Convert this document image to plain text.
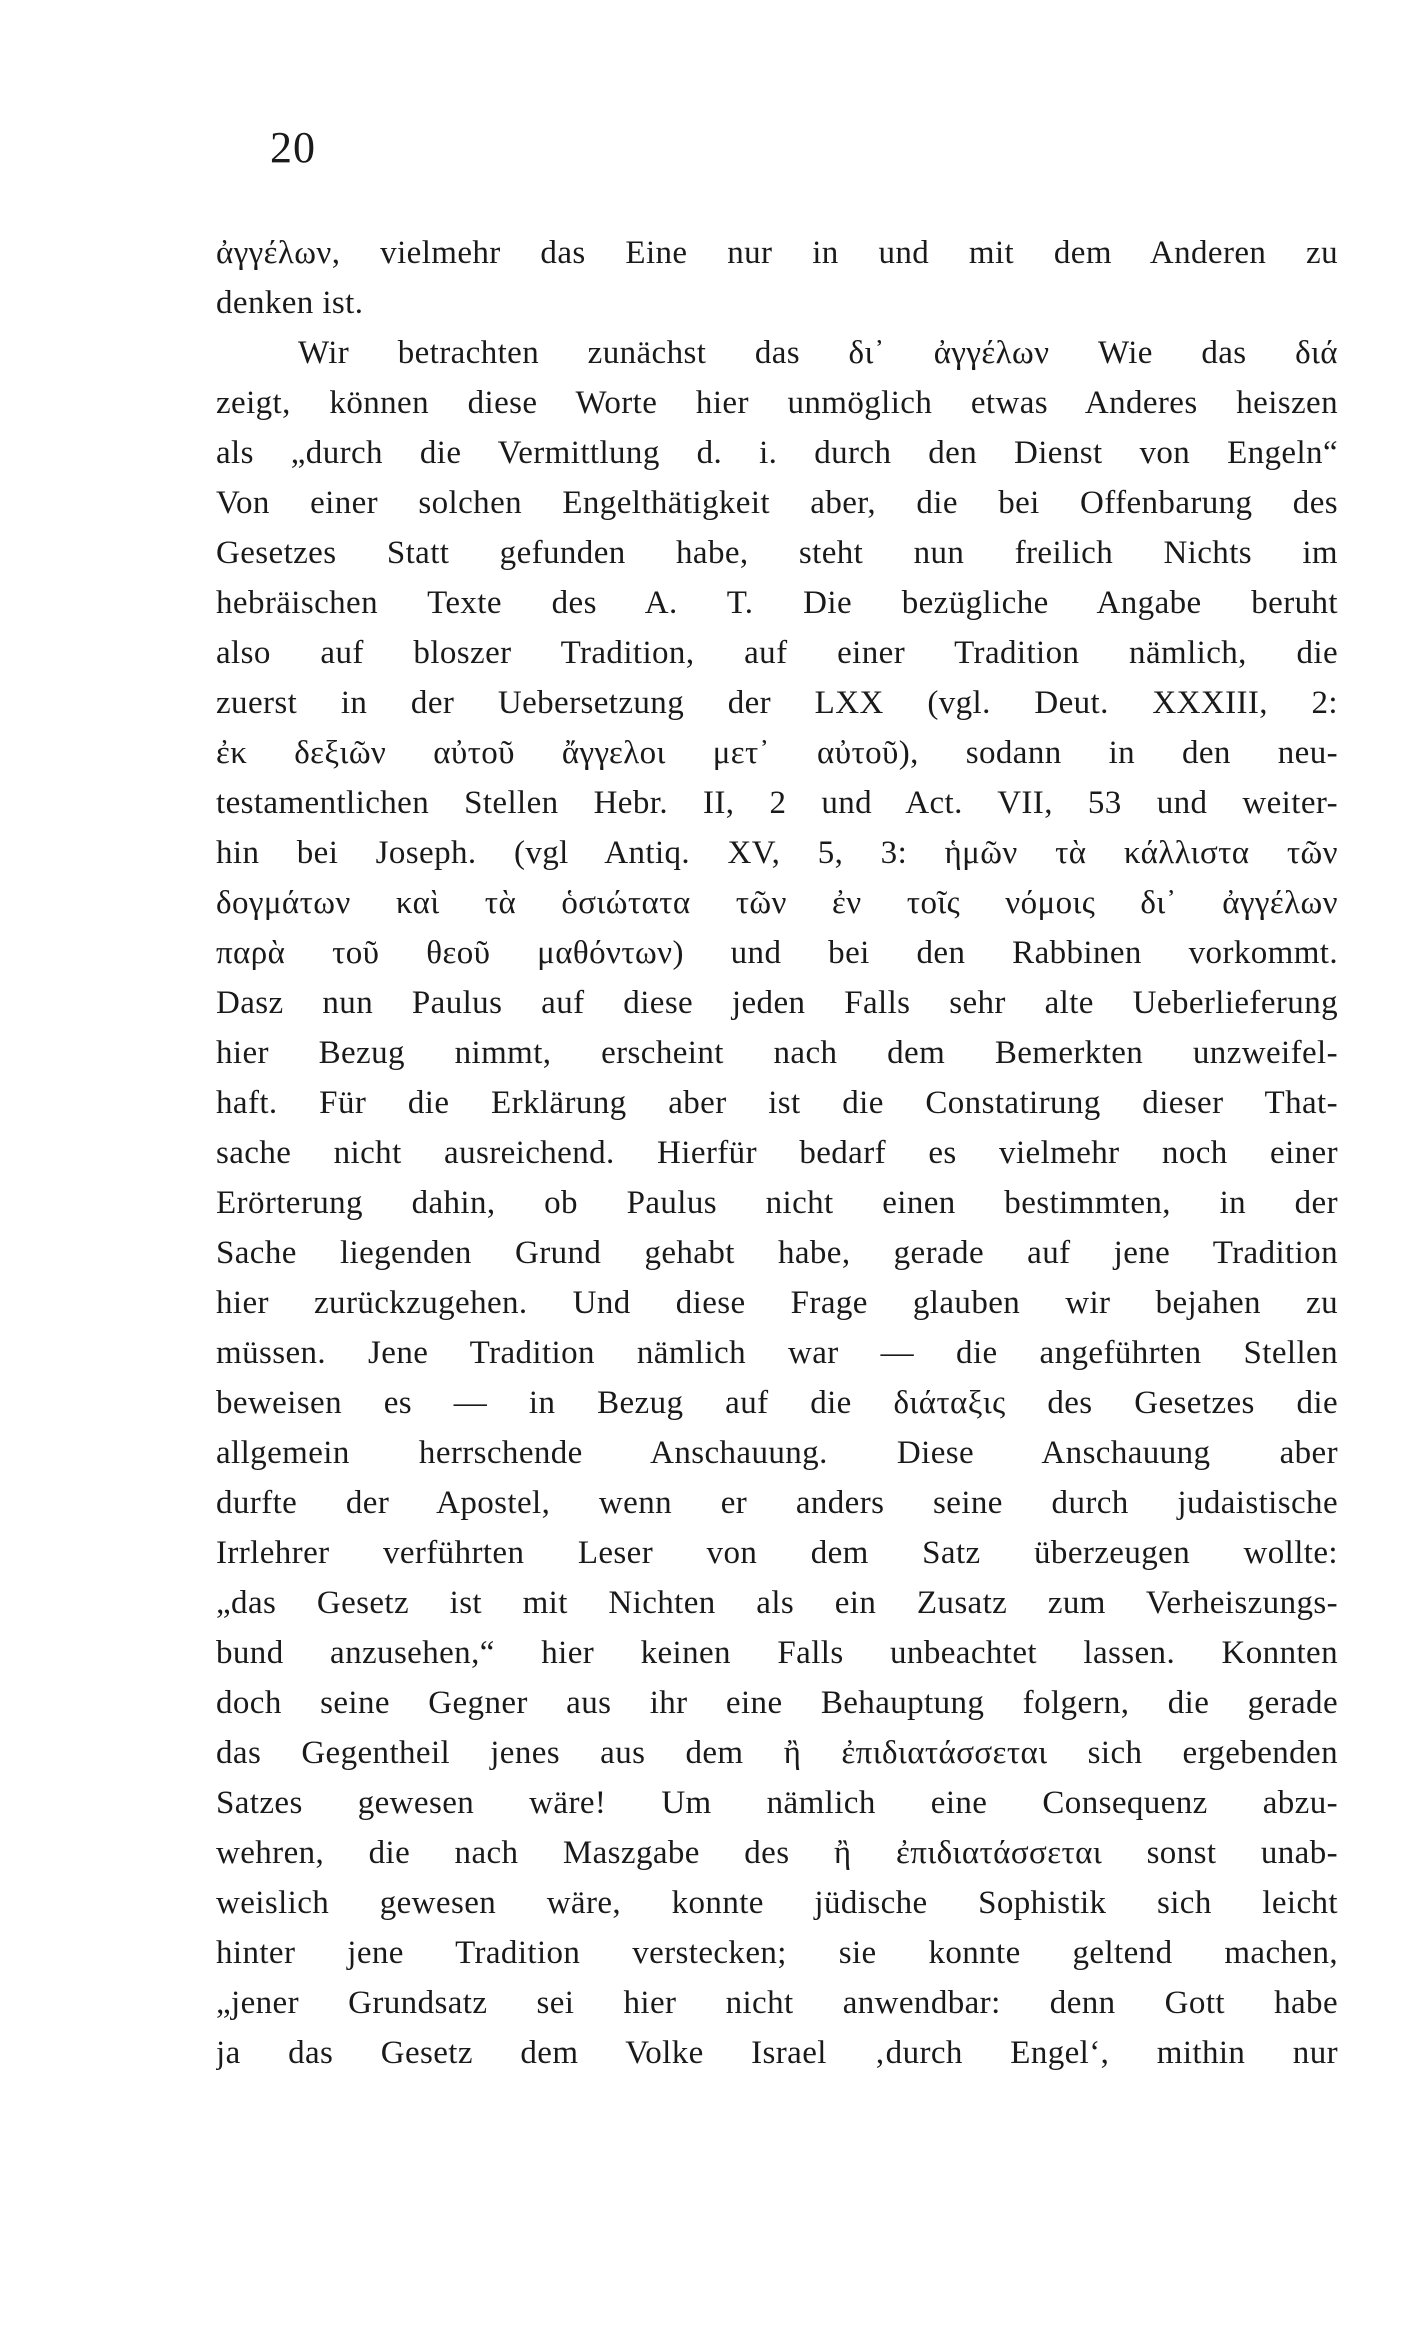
20
ἀγγέλων, vielmehr das Eine nur in und mit dem Anderen zu
denken ist.
Wir betrachten zunächst das δι᾽ ἀγγέλων Wie das διά
zeigt, können diese Worte hier unmöglich etwas Anderes heiszen
als „durch die Vermittlung d. i. durch den Dienst von Engeln“
Von einer solchen Engelthätigkeit aber, die bei Offenbarung des
Gesetzes Statt gefunden habe, steht nun freilich Nichts im
hebräischen Texte des A. T. Die bezügliche Angabe beruht
also auf bloszer Tradition, auf einer Tradition nämlich, die
zuerst in der Uebersetzung der LXX (vgl. Deut. XXXIII, 2:
ἐκ δεξιῶν αὐτοῦ ἄγγελοι μετ᾽ αὐτοῦ), sodann in den neu-
testamentlichen Stellen Hebr. II, 2 und Act. VII, 53 und weiter-
hin bei Joseph. (vgl Antiq. XV, 5, 3: ἡμῶν τὰ κάλλιστα τῶν
δογμάτων καὶ τὰ ὁσιώτατα τῶν ἐν τοῖς νόμοις δι᾽ ἀγγέλων
παρὰ τοῦ θεοῦ μαθόντων) und bei den Rabbinen vorkommt.
Dasz nun Paulus auf diese jeden Falls sehr alte Ueberlieferung
hier Bezug nimmt, erscheint nach dem Bemerkten unzweifel-
haft. Für die Erklärung aber ist die Constatirung dieser That-
sache nicht ausreichend. Hierfür bedarf es vielmehr noch einer
Erörterung dahin, ob Paulus nicht einen bestimmten, in der
Sache liegenden Grund gehabt habe, gerade auf jene Tradition
hier zurückzugehen. Und diese Frage glauben wir bejahen zu
müssen. Jene Tradition nämlich war — die angeführten Stellen
beweisen es — in Bezug auf die διάταξις des Gesetzes die
allgemein herrschende Anschauung. Diese Anschauung aber
durfte der Apostel, wenn er anders seine durch judaistische
Irrlehrer verführten Leser von dem Satz überzeugen wollte:
„das Gesetz ist mit Nichten als ein Zusatz zum Verheiszungs-
bund anzusehen,“ hier keinen Falls unbeachtet lassen. Konnten
doch seine Gegner aus ihr eine Behauptung folgern, die gerade
das Gegentheil jenes aus dem ἢ ἐπιδιατάσσεται sich ergebenden
Satzes gewesen wäre! Um nämlich eine Consequenz abzu-
wehren, die nach Maszgabe des ἢ ἐπιδιατάσσεται sonst unab-
weislich gewesen wäre, konnte jüdische Sophistik sich leicht
hinter jene Tradition verstecken; sie konnte geltend machen,
„jener Grundsatz sei hier nicht anwendbar: denn Gott habe
ja das Gesetz dem Volke Israel ‚durch Engel‘, mithin nur
